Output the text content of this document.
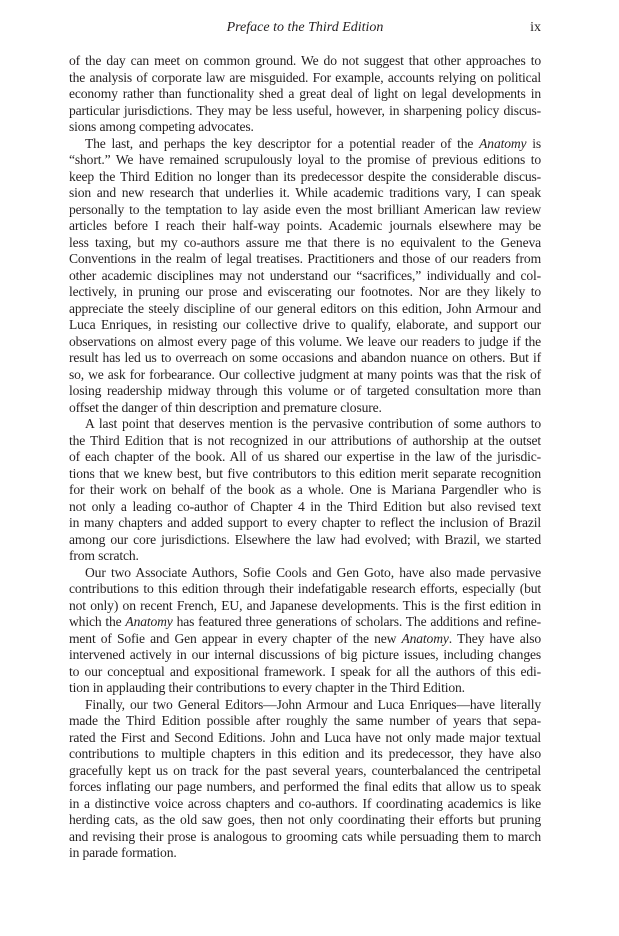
Preface to the Third Edition	ix
of the day can meet on common ground. We do not suggest that other approaches to
the analysis of corporate law are misguided. For example, accounts relying on political
economy rather than functionality shed a great deal of light on legal developments in
particular jurisdictions. They may be less useful, however, in sharpening policy discus-
sions among competing advocates.
The last, and perhaps the key descriptor for a potential reader of the Anatomy is
“short.” We have remained scrupulously loyal to the promise of previous editions to
keep the Third Edition no longer than its predecessor despite the considerable discus-
sion and new research that underlies it. While academic traditions vary, I can speak
personally to the temptation to lay aside even the most brilliant American law review
articles before I reach their half-way points. Academic journals elsewhere may be
less taxing, but my co-authors assure me that there is no equivalent to the Geneva
Conventions in the realm of legal treatises. Practitioners and those of our readers from
other academic disciplines may not understand our “sacrifices,” individually and col-
lectively, in pruning our prose and eviscerating our footnotes. Nor are they likely to
appreciate the steely discipline of our general editors on this edition, John Armour and
Luca Enriques, in resisting our collective drive to qualify, elaborate, and support our
observations on almost every page of this volume. We leave our readers to judge if the
result has led us to overreach on some occasions and abandon nuance on others. But if
so, we ask for forbearance. Our collective judgment at many points was that the risk of
losing readership midway through this volume or of targeted consultation more than
offset the danger of thin description and premature closure.
A last point that deserves mention is the pervasive contribution of some authors to
the Third Edition that is not recognized in our attributions of authorship at the outset
of each chapter of the book. All of us shared our expertise in the law of the jurisdic-
tions that we knew best, but five contributors to this edition merit separate recognition
for their work on behalf of the book as a whole. One is Mariana Pargendler who is
not only a leading co-author of Chapter 4 in the Third Edition but also revised text
in many chapters and added support to every chapter to reflect the inclusion of Brazil
among our core jurisdictions. Elsewhere the law had evolved; with Brazil, we started
from scratch.
Our two Associate Authors, Sofie Cools and Gen Goto, have also made pervasive
contributions to this edition through their indefatigable research efforts, especially (but
not only) on recent French, EU, and Japanese developments. This is the first edition in
which the Anatomy has featured three generations of scholars. The additions and refine-
ment of Sofie and Gen appear in every chapter of the new Anatomy. They have also
intervened actively in our internal discussions of big picture issues, including changes
to our conceptual and expositional framework. I speak for all the authors of this edi-
tion in applauding their contributions to every chapter in the Third Edition.
Finally, our two General Editors—John Armour and Luca Enriques—have literally
made the Third Edition possible after roughly the same number of years that sepa-
rated the First and Second Editions. John and Luca have not only made major textual
contributions to multiple chapters in this edition and its predecessor, they have also
gracefully kept us on track for the past several years, counterbalanced the centripetal
forces inflating our page numbers, and performed the final edits that allow us to speak
in a distinctive voice across chapters and co-authors. If coordinating academics is like
herding cats, as the old saw goes, then not only coordinating their efforts but pruning
and revising their prose is analogous to grooming cats while persuading them to march
in parade formation.
